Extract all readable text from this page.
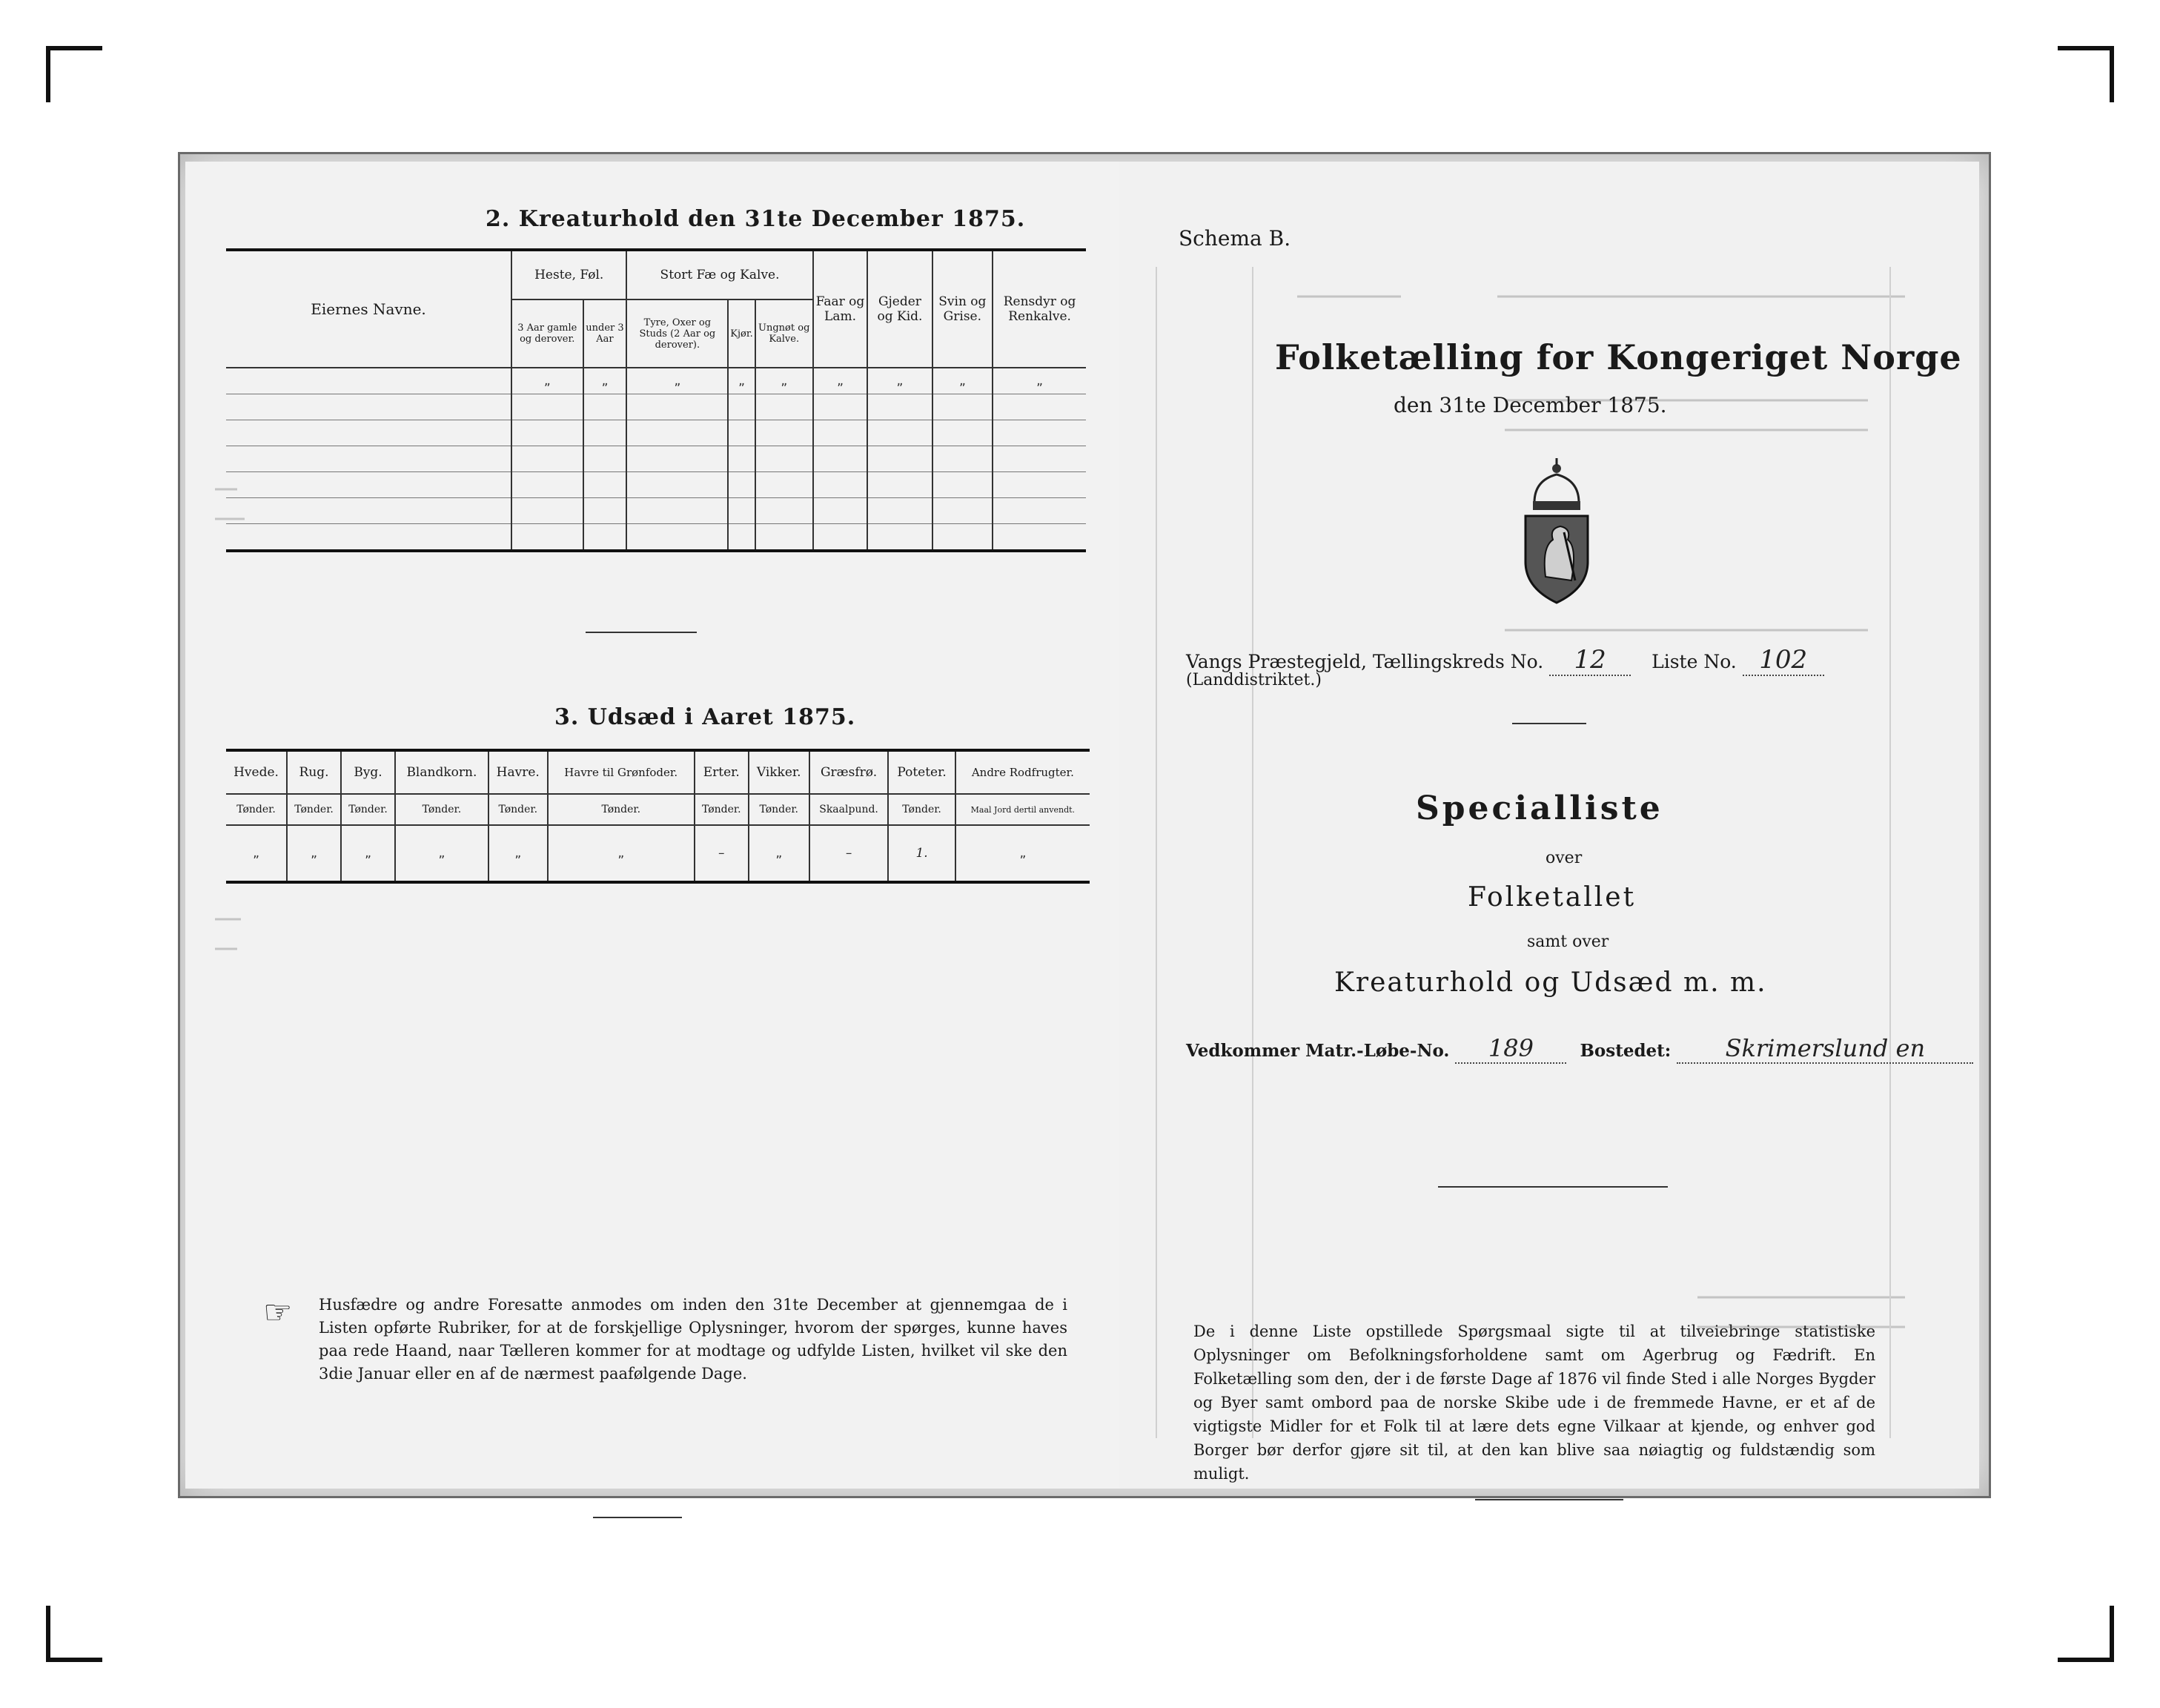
2. Kreaturhold den 31te December 1875.
Eiernes Navne.	Heste, Føl.		Stort Fæ og Kalve.			Faar og Lam.	Gjeder og Kid.	Svin og Grise.	Rensdyr og Renkalve.
	3 Aar gamle og derover.	under 3 Aar	Tyre, Oxer og Studs (2 Aar og derover).	Kjør.	Ungnøt og Kalve.				
	„	„	„	„	„	„	„	„	„

3. Udsæd i Aaret 1875.
Hvede.	Rug.	Byg.	Blandkorn.	Havre.	Havre til Grønfoder.	Erter.	Vikker.	Græsfrø.	Poteter.	Andre Rodfrugter.
Tønder.	Tønder.	Tønder.	Tønder.	Tønder.	Tønder.	Tønder.	Tønder.	Skaalpund.	Tønder.	Maal Jord dertil anvendt.
„	„	„	„	„	„	–	„	–	1.	„
☞ Husfædre og andre Foresatte anmodes om inden den 31te December at gjennemgaa de i Listen opførte Rubriker, for at de forskjellige Oplysninger, hvorom der spørges, kunne haves paa rede Haand, naar Tælleren kommer for at modtage og udfylde Listen, hvilket vil ske den 3die Januar eller en af de nærmest paafølgende Dage.
Schema B.
Folketælling for Kongeriget Norge
den 31te December 1875.
Vangs Præstegjeld, Tællingskreds No. 12 Liste No. 102
(Landdistriktet.)
Specialliste
over
Folketallet
samt over
Kreaturhold og Udsæd m. m.
Vedkommer Matr.-Løbe-No. 189	Bostedet: Skrimerslund en
De i denne Liste opstillede Spørgsmaal sigte til at tilveiebringe statistiske Oplysninger om Befolkningsforholdene samt om Agerbrug og Fædrift. En Folketælling som den, der i de første Dage af 1876 vil finde Sted i alle Norges Bygder og Byer samt ombord paa de norske Skibe ude i de fremmede Havne, er et af de vigtigste Midler for et Folk til at lære dets egne Vilkaar at kjende, og enhver god Borger bør derfor gjøre sit til, at den kan blive saa nøiagtig og fuldstændig som muligt.
